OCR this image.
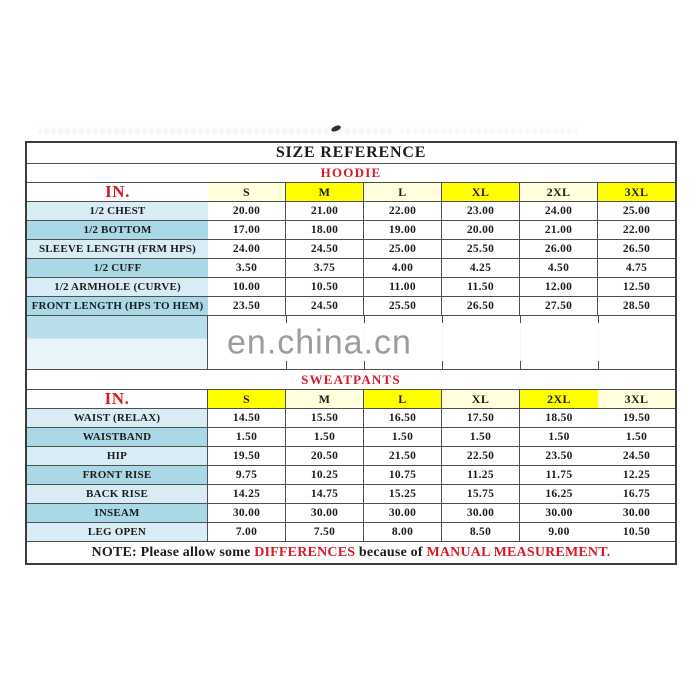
SIZE REFERENCE
HOODIE
IN.	S	M	L	XL	2XL	3XL
1/2 CHEST	20.00	21.00	22.00	23.00	24.00	25.00
1/2 BOTTOM	17.00	18.00	19.00	20.00	21.00	22.00
SLEEVE LENGTH (FRM HPS)	24.00	24.50	25.00	25.50	26.00	26.50
1/2 CUFF	3.50	3.75	4.00	4.25	4.50	4.75
1/2 ARMHOLE (CURVE)	10.00	10.50	11.00	11.50	12.00	12.50
FRONT LENGTH (HPS TO HEM)	23.50	24.50	25.50	26.50	27.50	28.50
en.china.cn
SWEATPANTS
IN.	S	M	L	XL	2XL	3XL
WAIST (RELAX)	14.50	15.50	16.50	17.50	18.50	19.50
WAISTBAND	1.50	1.50	1.50	1.50	1.50	1.50
HIP	19.50	20.50	21.50	22.50	23.50	24.50
FRONT RISE	9.75	10.25	10.75	11.25	11.75	12.25
BACK RISE	14.25	14.75	15.25	15.75	16.25	16.75
INSEAM	30.00	30.00	30.00	30.00	30.00	30.00
LEG OPEN	7.00	7.50	8.00	8.50	9.00	10.50
NOTE: Please allow some DIFFERENCES because of MANUAL MEASUREMENT.
